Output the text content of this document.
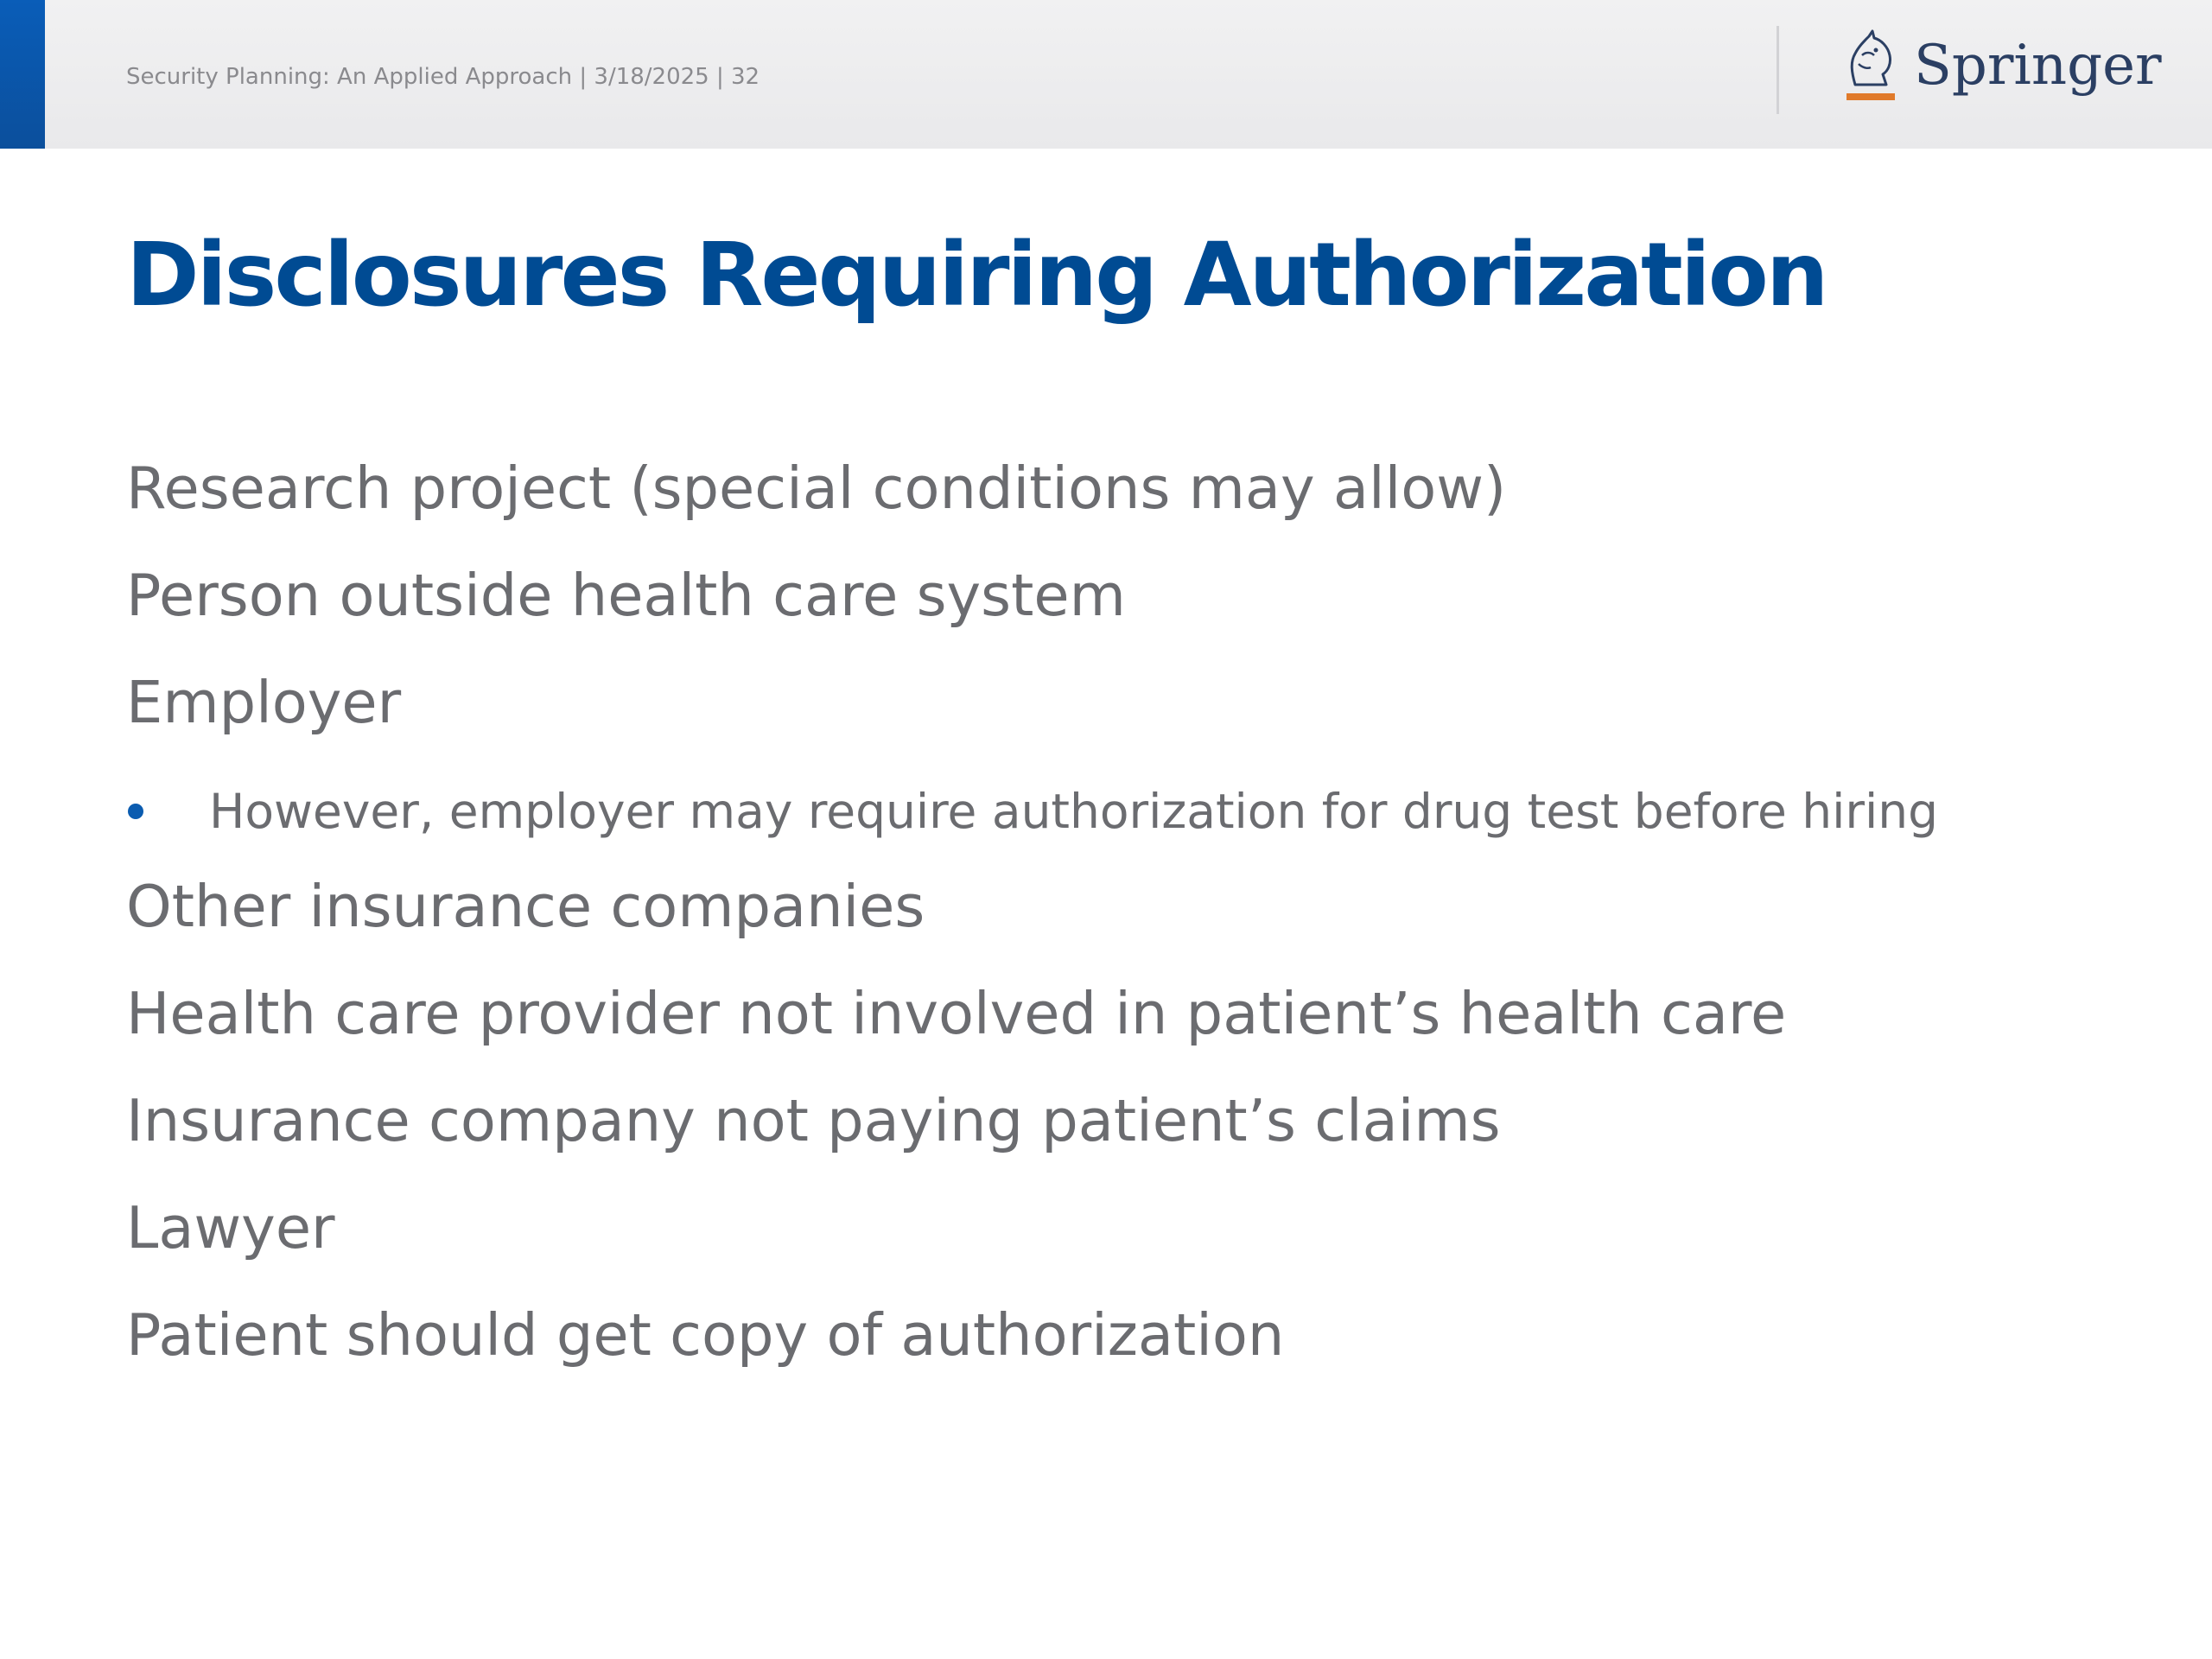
Security Planning: An Applied Approach | 3/18/2025 | 32	Springer
Disclosures Requiring Authorization
Research project (special conditions may allow)
Person outside health care system
Employer
However, employer may require authorization for drug test before hiring
Other insurance companies
Health care provider not involved in patient’s health care
Insurance company not paying patient’s claims
Lawyer
Patient should get copy of authorization
